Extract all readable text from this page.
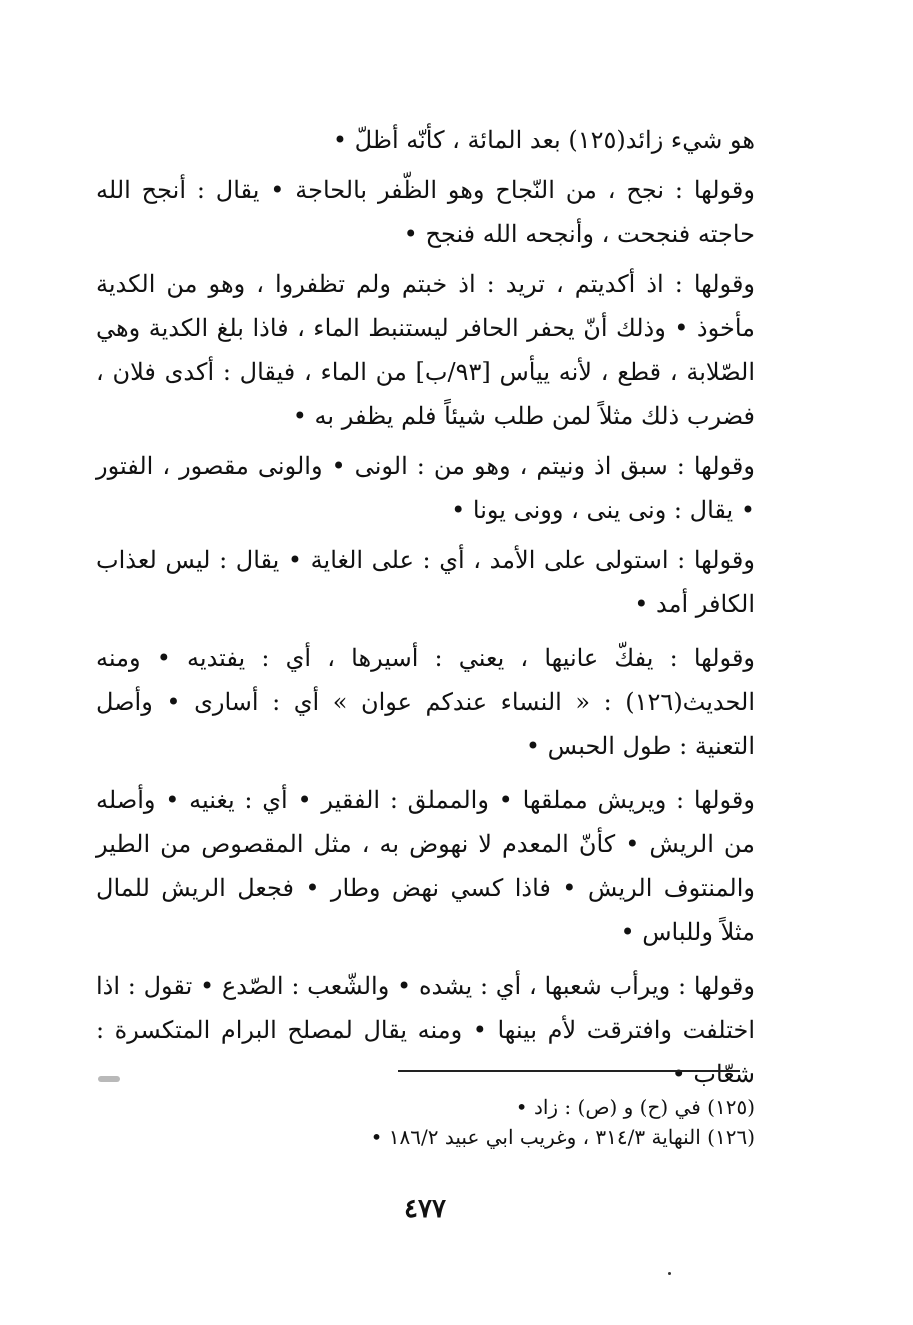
هو شيء زائد(١٢٥) بعد المائة ، كأنّه أظلّ •

وقولها : نجح ، من النّجاح وهو الظّفر بالحاجة • يقال : أنجح الله حاجته فنجحت ، وأنجحه الله فنجح •

وقولها : اذ أكديتم ، تريد : اذ خبتم ولم تظفروا ، وهو من الكدية مأخوذ • وذلك أنّ يحفر الحافر ليستنبط الماء ، فاذا بلغ الكدية وهي الصّلابة ، قطع ، لأنه ييأس [٩٣/ب] من الماء ، فيقال : أكدى فلان ، فضرب ذلك مثلاً لمن طلب شيئاً فلم يظفر به •

وقولها : سبق اذ ونيتم ، وهو من : الونى • والونى مقصور ، الفتور • يقال : ونى ينى ، وونى يونا •

وقولها : استولى على الأمد ، أي : على الغاية • يقال : ليس لعذاب الكافر أمد •

وقولها : يفكّ عانيها ، يعني : أسيرها ، أي : يفتديه • ومنه الحديث(١٢٦) : « النساء عندكم عوان » أي : أسارى • وأصل التعنية : طول الحبس •

وقولها : ويريش مملقها • والمملق : الفقير • أي : يغنيه • وأصله من الريش • كأنّ المعدم لا نهوض به ، مثل المقصوص من الطير والمنتوف الريش • فاذا كسي نهض وطار • فجعل الريش للمال مثلاً وللباس •

وقولها : ويرأب شعبها ، أي : يشده • والشّعب : الصّدع • تقول : اذا اختلفت وافترقت لأم بينها • ومنه يقال لمصلح البرام المتكسرة : شعّاب •

(١٢٥) في (ح) و (ص) : زاد •
(١٢٦) النهاية ٣١٤/٣ ، وغريب ابي عبيد ١٨٦/٢ •
٤٧٧
